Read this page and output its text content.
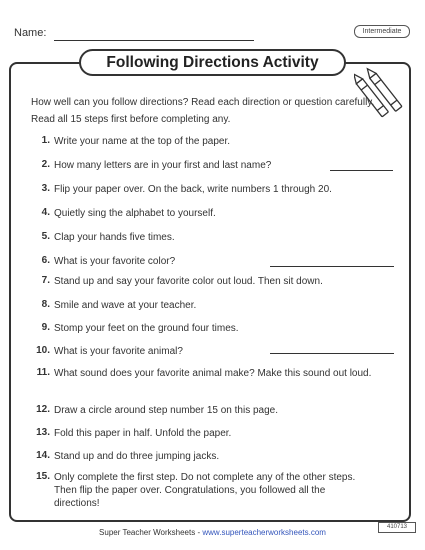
Name:	Intermediate
Following Directions Activity
How well can you follow directions? Read each direction or question carefully. Read all 15 steps first before completing any.
1. Write your name at the top of the paper.
2. How many letters are in your first and last name?
3. Flip your paper over. On the back, write numbers 1 through 20.
4. Quietly sing the alphabet to yourself.
5. Clap your hands five times.
6. What is your favorite color?
7. Stand up and say your favorite color out loud. Then sit down.
8. Smile and wave at your teacher.
9. Stomp your feet on the ground four times.
10. What is your favorite animal?
11. What sound does your favorite animal make? Make this sound out loud.
12. Draw a circle around step number 15 on this page.
13. Fold this paper in half. Unfold the paper.
14. Stand up and do three jumping jacks.
15. Only complete the first step. Do not complete any of the other steps. Then flip the paper over. Congratulations, you followed all the directions!
Super Teacher Worksheets - www.superteacherworksheets.com
410713
